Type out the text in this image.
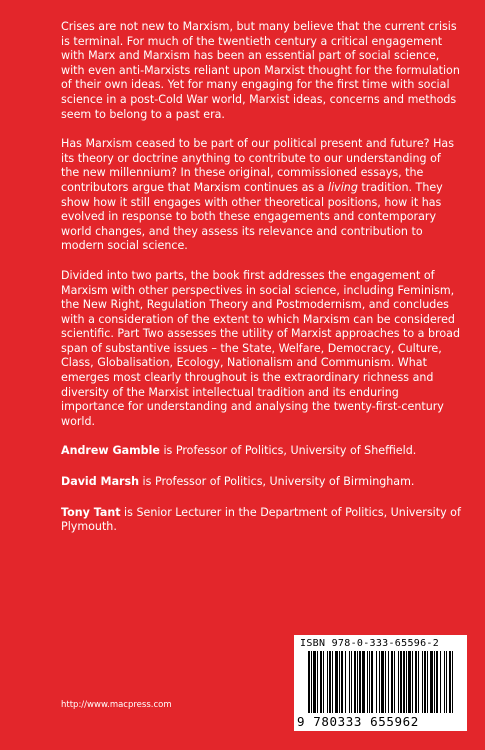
Crises are not new to Marxism, but many believe that the current crisis is terminal. For much of the twentieth century a critical engagement with Marx and Marxism has been an essential part of social science, with even anti-Marxists reliant upon Marxist thought for the formulation of their own ideas. Yet for many engaging for the first time with social science in a post-Cold War world, Marxist ideas, concerns and methods seem to belong to a past era.

Has Marxism ceased to be part of our political present and future? Has its theory or doctrine anything to contribute to our understanding of the new millennium? In these original, commissioned essays, the contributors argue that Marxism continues as a living tradition. They show how it still engages with other theoretical positions, how it has evolved in response to both these engagements and contemporary world changes, and they assess its relevance and contribution to modern social science.

Divided into two parts, the book first addresses the engagement of Marxism with other perspectives in social science, including Feminism, the New Right, Regulation Theory and Postmodernism, and concludes with a consideration of the extent to which Marxism can be considered scientific. Part Two assesses the utility of Marxist approaches to a broad span of substantive issues – the State, Welfare, Democracy, Culture, Class, Globalisation, Ecology, Nationalism and Communism. What emerges most clearly throughout is the extraordinary richness and diversity of the Marxist intellectual tradition and its enduring importance for understanding and analysing the twenty-first-century world.

Andrew Gamble is Professor of Politics, University of Sheffield.

David Marsh is Professor of Politics, University of Birmingham.

Tony Tant is Senior Lecturer in the Department of Politics, University of Plymouth.

ISBN 978-0-333-65596-2
9 780333 655962
http://www.macpress.com
